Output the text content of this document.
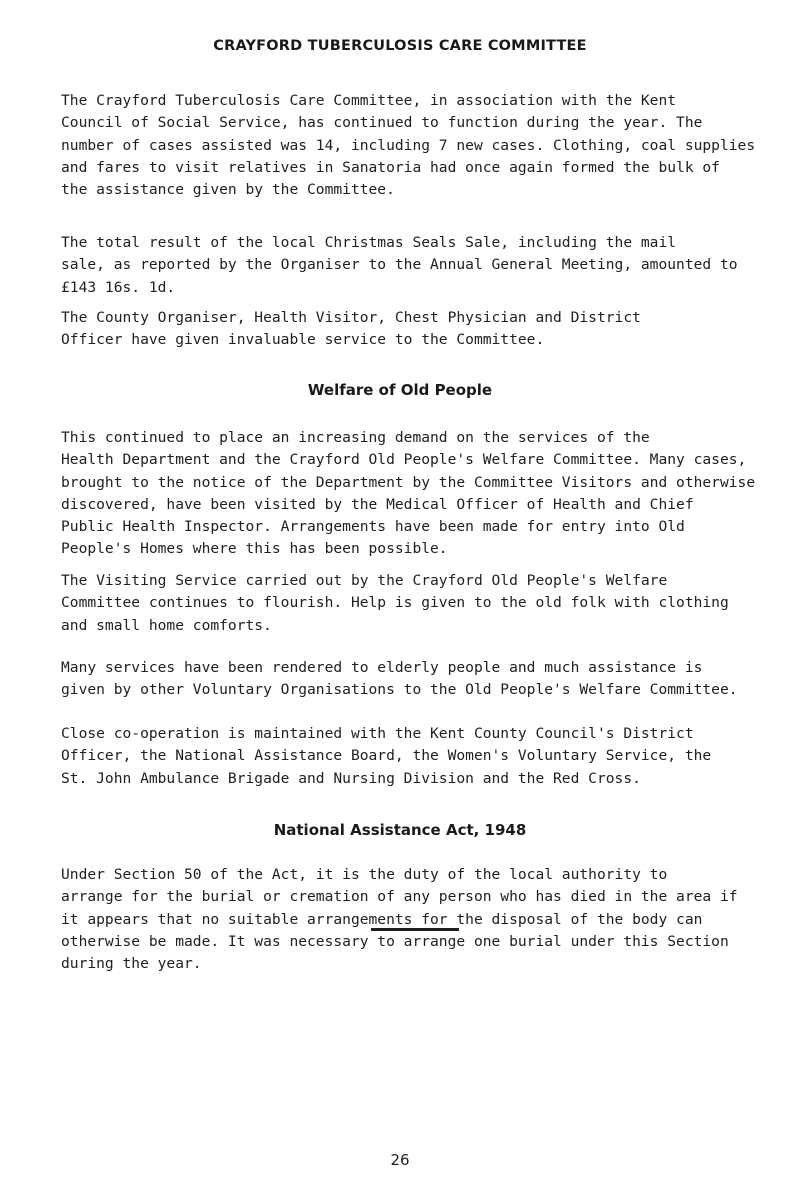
CRAYFORD TUBERCULOSIS CARE COMMITTEE

The Crayford Tuberculosis Care Committee, in association with the Kent
Council of Social Service, has continued to function during the year. The
number of cases assisted was 14, including 7 new cases. Clothing, coal supplies
and fares to visit relatives in Sanatoria had once again formed the bulk of
the assistance given by the Committee.

The total result of the local Christmas Seals Sale, including the mail
sale, as reported by the Organiser to the Annual General Meeting, amounted to
£143 16s. 1d.

The County Organiser, Health Visitor, Chest Physician and District
Officer have given invaluable service to the Committee.

Welfare of Old People

This continued to place an increasing demand on the services of the
Health Department and the Crayford Old People's Welfare Committee. Many cases,
brought to the notice of the Department by the Committee Visitors and otherwise
discovered, have been visited by the Medical Officer of Health and Chief
Public Health Inspector. Arrangements have been made for entry into Old
People's Homes where this has been possible.

The Visiting Service carried out by the Crayford Old People's Welfare
Committee continues to flourish. Help is given to the old folk with clothing
and small home comforts.

Many services have been rendered to elderly people and much assistance is
given by other Voluntary Organisations to the Old People's Welfare Committee.

Close co-operation is maintained with the Kent County Council's District
Officer, the National Assistance Board, the Women's Voluntary Service, the
St. John Ambulance Brigade and Nursing Division and the Red Cross.

National Assistance Act, 1948

Under Section 50 of the Act, it is the duty of the local authority to
arrange for the burial or cremation of any person who has died in the area if
it appears that no suitable arrangements for the disposal of the body can
otherwise be made. It was necessary to arrange one burial under this Section
during the year.

26
